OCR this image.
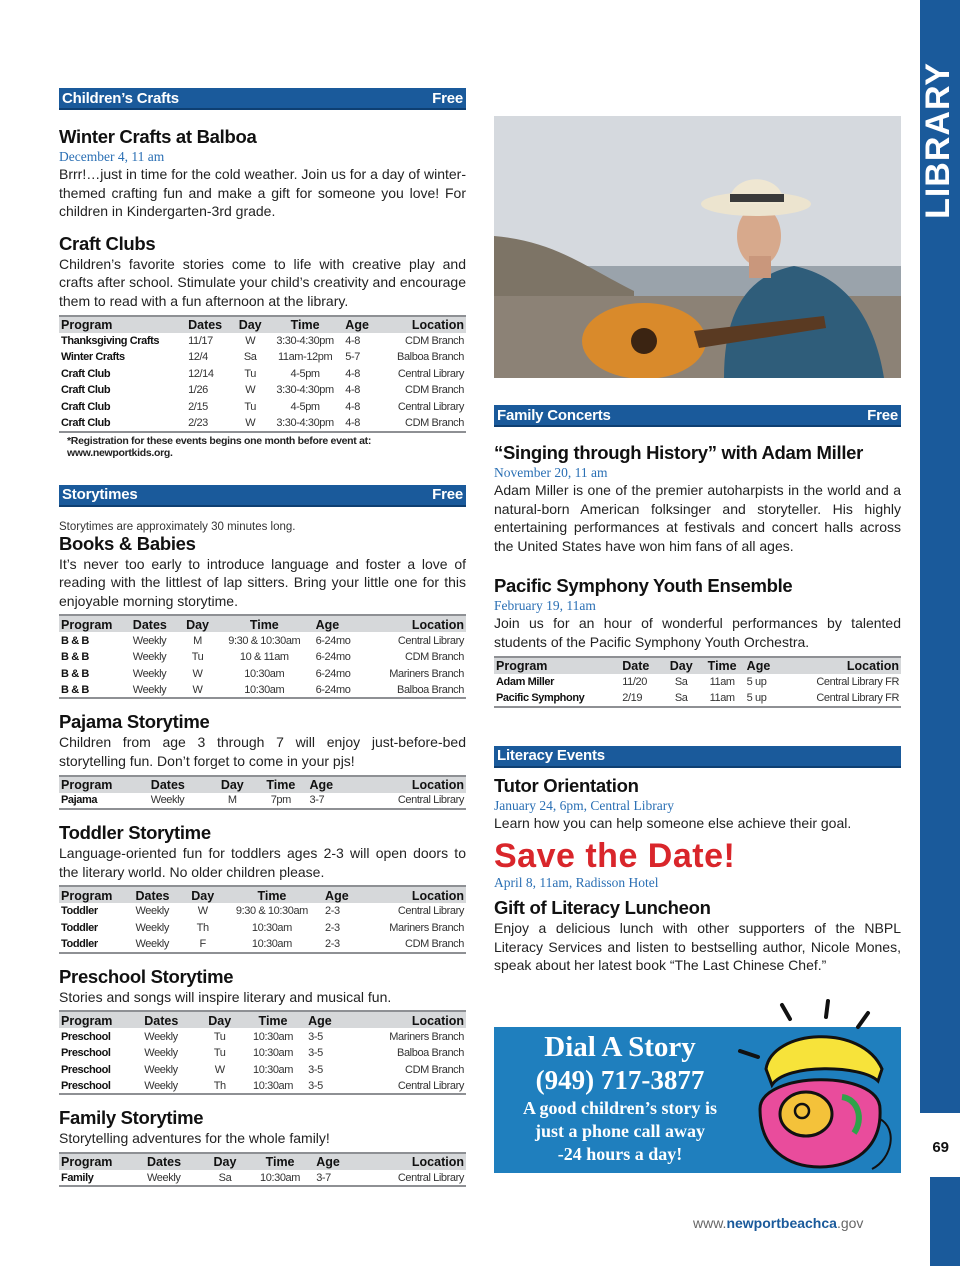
LIBRARY
69
Children’s Crafts	Free
Winter Crafts at Balboa
December 4, 11 am
Brrr!…just in time for the cold weather. Join us for a day of winter-themed crafting fun and make a gift for someone you love! For children in Kindergarten-3rd grade.
Craft Clubs
Children’s favorite stories come to life with creative play and crafts after school. Stimulate your child’s creativity and encourage them to read with a fun afternoon at the library.
Program	Dates	Day	Time	Age	Location
Thanksgiving Crafts	11/17	W	3:30-4:30pm	4-8	CDM Branch
Winter Crafts	12/4	Sa	11am-12pm	5-7	Balboa Branch
Craft Club	12/14	Tu	4-5pm	4-8	Central Library
Craft Club	1/26	W	3:30-4:30pm	4-8	CDM Branch
Craft Club	2/15	Tu	4-5pm	4-8	Central Library
Craft Club	2/23	W	3:30-4:30pm	4-8	CDM Branch
*Registration for these events begins one month before event at: www.newportkids.org.
Storytimes	Free
Storytimes are approximately 30 minutes long.
Books & Babies
It’s never too early to introduce language and foster a love of reading with the littlest of lap sitters. Bring your little one for this enjoyable morning storytime.
Program	Dates	Day	Time	Age	Location
B & B	Weekly	M	9:30 & 10:30am	6-24mo	Central Library
B & B	Weekly	Tu	10 & 11am	6-24mo	CDM Branch
B & B	Weekly	W	10:30am	6-24mo	Mariners Branch
B & B	Weekly	W	10:30am	6-24mo	Balboa Branch
Pajama Storytime
Children from age 3 through 7 will enjoy just-before-bed storytelling fun. Don’t forget to come in your pjs!
Program	Dates	Day	Time	Age	Location
Pajama	Weekly	M	7pm	3-7	Central Library
Toddler Storytime
Language-oriented fun for toddlers ages 2-3 will open doors to the literary world. No older children please.
Program	Dates	Day	Time	Age	Location
Toddler	Weekly	W	9:30 & 10:30am	2-3	Central Library
Toddler	Weekly	Th	10:30am	2-3	Mariners Branch
Toddler	Weekly	F	10:30am	2-3	CDM Branch
Preschool Storytime
Stories and songs will inspire literary and musical fun.
Program	Dates	Day	Time	Age	Location
Preschool	Weekly	Tu	10:30am	3-5	Mariners Branch
Preschool	Weekly	Tu	10:30am	3-5	Balboa Branch
Preschool	Weekly	W	10:30am	3-5	CDM Branch
Preschool	Weekly	Th	10:30am	3-5	Central Library
Family Storytime
Storytelling adventures for the whole family!
Program	Dates	Day	Time	Age	Location
Family	Weekly	Sa	10:30am	3-7	Central Library
Family Concerts	Free
“Singing through History” with Adam Miller
November 20, 11 am
Adam Miller is one of the premier autoharpists in the world and a natural-born American folksinger and storyteller. His highly entertaining performances at festivals and concert halls across the United States have won him fans of all ages.
Pacific Symphony Youth Ensemble
February 19, 11am
Join us for an hour of wonderful performances by talented students of the Pacific Symphony Youth Orchestra.
Program	Date	Day	Time	Age	Location
Adam Miller	11/20	Sa	11am	5 up	Central Library FR
Pacific Symphony	2/19	Sa	11am	5 up	Central Library FR
Literacy Events
Tutor Orientation
January 24, 6pm, Central Library
Learn how you can help someone else achieve their goal.
Save the Date!
April 8, 11am, Radisson Hotel
Gift of Literacy Luncheon
Enjoy a delicious lunch with other supporters of the NBPL Literacy Services and listen to bestselling author, Nicole Mones, speak about her latest book “The Last Chinese Chef.”
Dial A Story
(949) 717-3877
A good children’s story is
just a phone call away
-24 hours a day!
www.newportbeachca.gov
